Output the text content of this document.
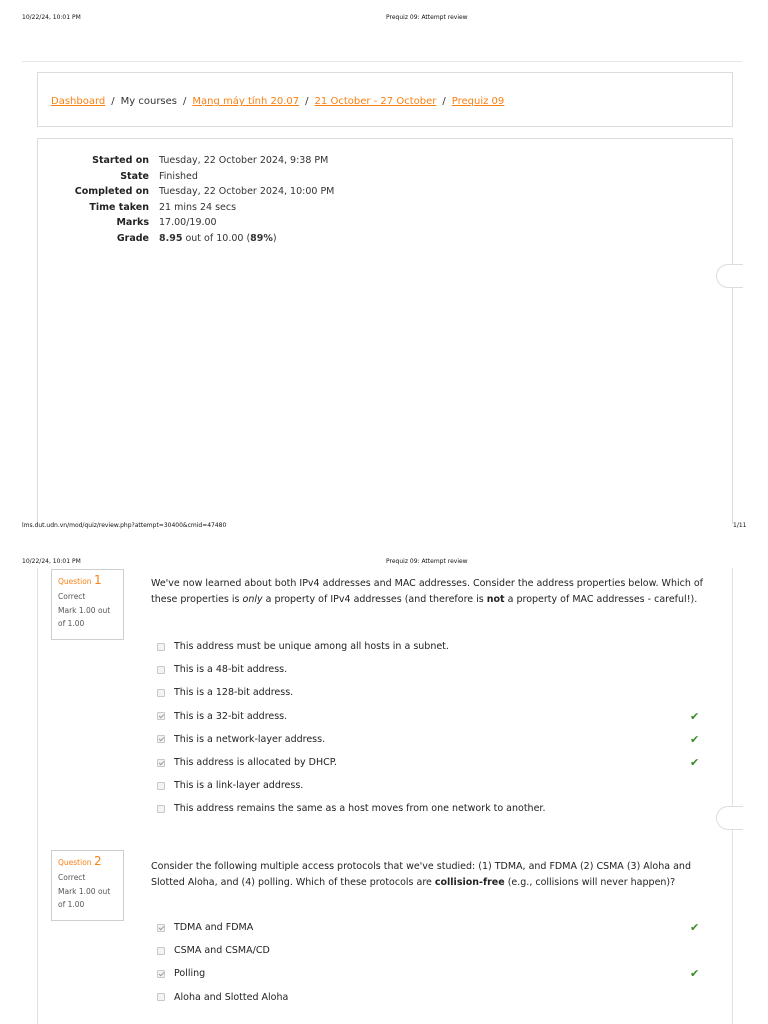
10/22/24, 10:01 PM	Prequiz 09: Attempt review
Dashboard / My courses / Mạng máy tính 20.07 / 21 October - 27 October / Prequiz 09
Started on	Tuesday, 22 October 2024, 9:38 PM
State	Finished
Completed on	Tuesday, 22 October 2024, 10:00 PM
Time taken	21 mins 24 secs
Marks	17.00/19.00
Grade	8.95 out of 10.00 (89%)
lms.dut.udn.vn/mod/quiz/review.php?attempt=30400&cmid=47480	1/11
10/22/24, 10:01 PM	Prequiz 09: Attempt review
Question 1
Correct
Mark 1.00 out of 1.00
We've now learned about both IPv4 addresses and MAC addresses. Consider the address properties below. Which of these properties is only a property of IPv4 addresses (and therefore is not a property of MAC addresses - careful!).
This address must be unique among all hosts in a subnet.
This is a 48-bit address.
This is a 128-bit address.
This is a 32-bit address.	✔
This is a network-layer address.	✔
This address is allocated by DHCP.	✔
This is a link-layer address.
This address remains the same as a host moves from one network to another.
Question 2
Correct
Mark 1.00 out of 1.00
Consider the following multiple access protocols that we've studied: (1) TDMA, and FDMA (2) CSMA (3) Aloha and Slotted Aloha, and (4) polling. Which of these protocols are collision-free (e.g., collisions will never happen)?
TDMA and FDMA	✔
CSMA and CSMA/CD
Polling	✔
Aloha and Slotted Aloha
